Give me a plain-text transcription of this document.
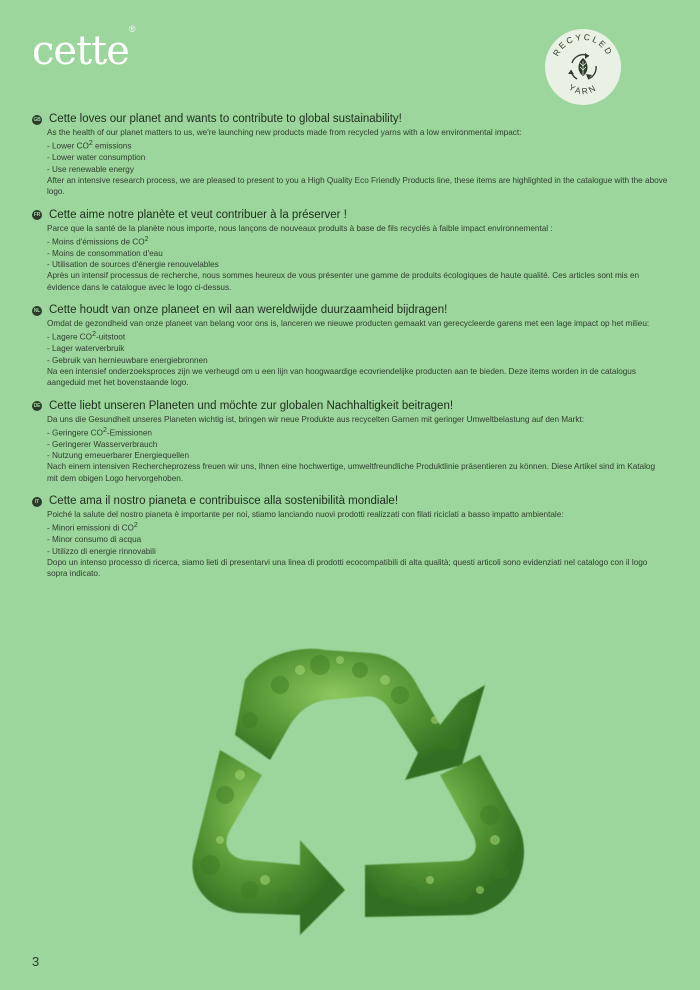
cette®
RECYCLED
YARN
GB Cette loves our planet and wants to contribute to global sustainability!

As the health of our planet matters to us, we're launching new products made from recycled yarns with a low environmental impact:

- Lower $CO^2$ emissions

- Lower water consumption

- Use renewable energy

After an intensive research process, we are pleased to present to you a High Quality Eco Friendly Products line, these items are highlighted in the catalogue with the above logo.

FR Cette aime notre planète et veut contribuer à la préserver !

Parce que la santé de la planète nous importe, nous lançons de nouveaux produits à base de fils recyclés à faible impact environnemental :

- Moins d'émissions de $CO^2$

- Moins de consommation d'eau

- Utilisation de sources d'énergie renouvelables

Après un intensif processus de recherche, nous sommes heureux de vous présenter une gamme de produits écologiques de haute qualité. Ces articles sont mis en évidence dans le catalogue avec le logo ci-dessus.

NL Cette houdt van onze planeet en wil aan wereldwijde duurzaamheid bijdragen!

Omdat de gezondheid van onze planeet van belang voor ons is, lanceren we nieuwe producten gemaakt van gerecycleerde garens met een lage impact op het milieu:

- Lagere $CO^2$-uitstoot

- Lager waterverbruik

- Gebruik van hernieuwbare energiebronnen

Na een intensief onderzoeksproces zijn we verheugd om u een lijn van hoogwaardige ecovriendelijke producten aan te bieden. Deze items worden in de catalogus aangeduid met het bovenstaande logo.

DE Cette liebt unseren Planeten und möchte zur globalen Nachhaltigkeit beitragen!

Da uns die Gesundheit unseres Planeten wichtig ist, bringen wir neue Produkte aus recycelten Garnen mit geringer Umweltbelastung auf den Markt:

- Geringere $CO^2$-Emissionen

- Geringerer Wasserverbrauch

- Nutzung erneuerbarer Energiequellen

Nach einem intensiven Rechercheprozess freuen wir uns, Ihnen eine hochwertige, umweltfreundliche Produktlinie präsentieren zu können. Diese Artikel sind im Katalog mit dem obigen Logo hervorgehoben.

IT Cette ama il nostro pianeta e contribuisce alla sostenibilità mondiale!

Poiché la salute del nostro pianeta è importante per noi, stiamo lanciando nuovi prodotti realizzati con filati riciclati a basso impatto ambientale:

- Minori emissioni di $CO^2$

- Minor consumo di acqua

- Utilizzo di energie rinnovabili

Dopo un intenso processo di ricerca, siamo lieti di presentarvi una linea di prodotti ecocompatibili di alta qualità; questi articoli sono evidenziati nel catalogo con il logo sopra indicato.

3
